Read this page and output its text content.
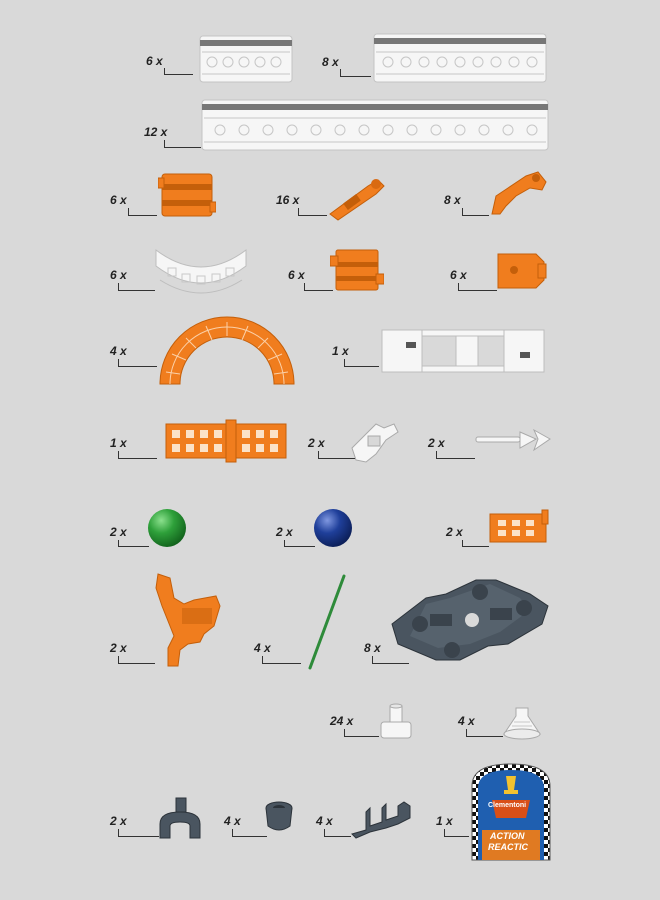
6 x	8 x
12 x
6 x	16 x	8 x
6 x	6 x	6 x
4 x	1 x
1 x	2 x	2 x
2 x	2 x	2 x
2 x	4 x	8 x
24 x	4 x
2 x	4 x	4 x	1 x
Clementoni
ACTION
REACTIC
